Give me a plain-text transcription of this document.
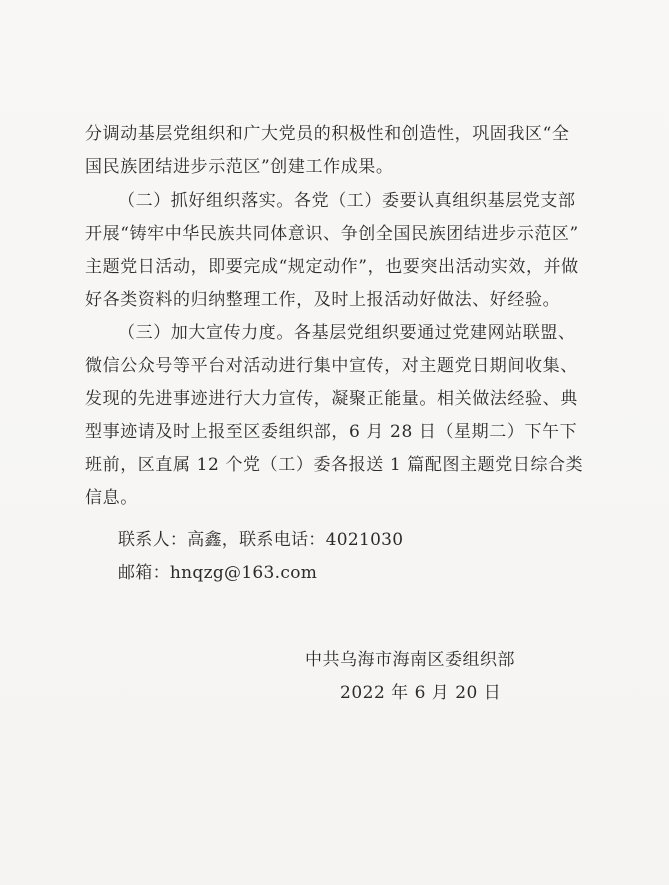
分调动基层党组织和广大党员的积极性和创造性，巩固我区“全
国民族团结进步示范区”创建工作成果。
（二）抓好组织落实。各党（工）委要认真组织基层党支部
开展“铸牢中华民族共同体意识、争创全国民族团结进步示范区”
主题党日活动，即要完成“规定动作”，也要突出活动实效，并做
好各类资料的归纳整理工作，及时上报活动好做法、好经验。
（三）加大宣传力度。各基层党组织要通过党建网站联盟、
微信公众号等平台对活动进行集中宣传，对主题党日期间收集、
发现的先进事迹进行大力宣传，凝聚正能量。相关做法经验、典
型事迹请及时上报至区委组织部，6 月 28 日（星期二）下午下
班前，区直属 12 个党（工）委各报送 1 篇配图主题党日综合类
信息。
联系人：高鑫，联系电话：4021030
邮箱：hnqzg@163.com
中共乌海市海南区委组织部
2022 年 6 月 20 日
